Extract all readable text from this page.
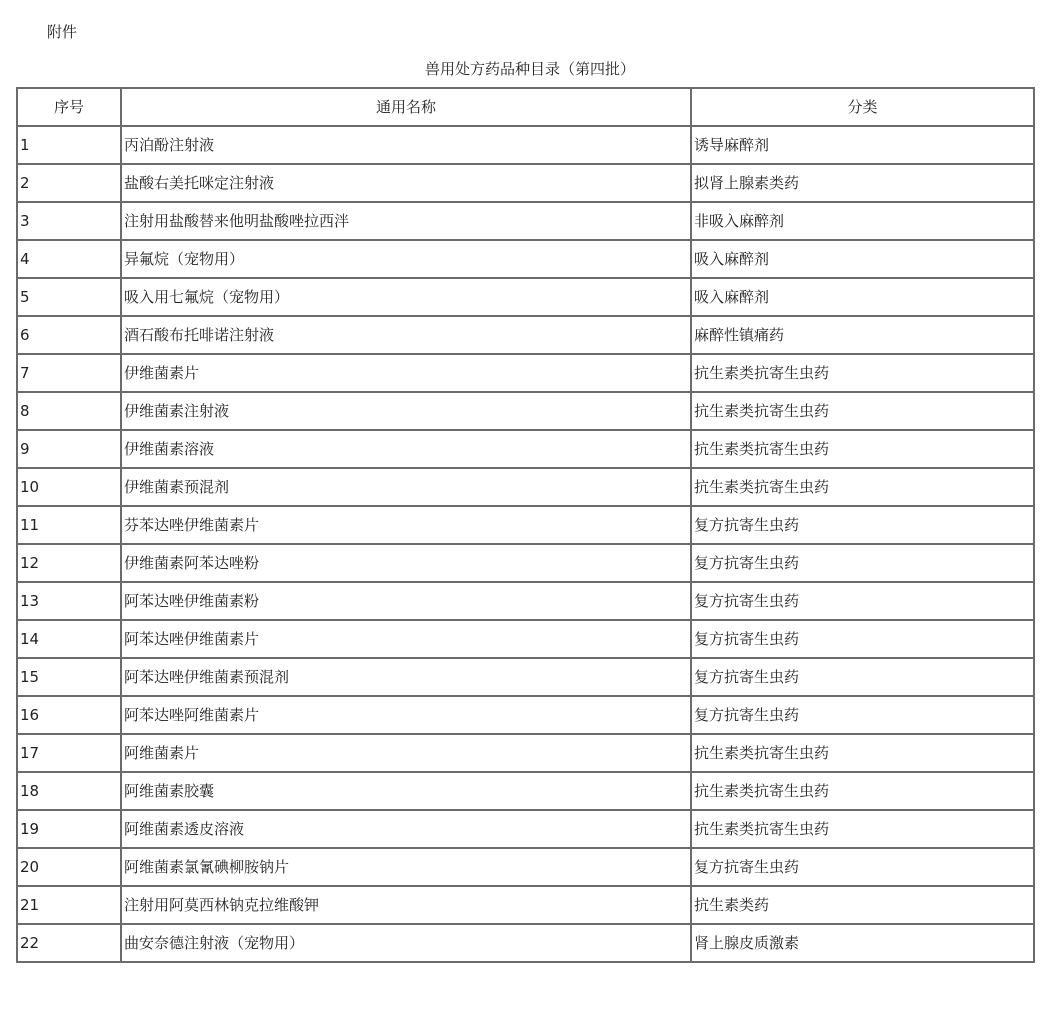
附件
兽用处方药品种目录（第四批）
序号	通用名称	分类
1	丙泊酚注射液	诱导麻醉剂
2	盐酸右美托咪定注射液	拟肾上腺素类药
3	注射用盐酸替来他明盐酸唑拉西泮	非吸入麻醉剂
4	异氟烷（宠物用）	吸入麻醉剂
5	吸入用七氟烷（宠物用）	吸入麻醉剂
6	酒石酸布托啡诺注射液	麻醉性镇痛药
7	伊维菌素片	抗生素类抗寄生虫药
8	伊维菌素注射液	抗生素类抗寄生虫药
9	伊维菌素溶液	抗生素类抗寄生虫药
10	伊维菌素预混剂	抗生素类抗寄生虫药
11	芬苯达唑伊维菌素片	复方抗寄生虫药
12	伊维菌素阿苯达唑粉	复方抗寄生虫药
13	阿苯达唑伊维菌素粉	复方抗寄生虫药
14	阿苯达唑伊维菌素片	复方抗寄生虫药
15	阿苯达唑伊维菌素预混剂	复方抗寄生虫药
16	阿苯达唑阿维菌素片	复方抗寄生虫药
17	阿维菌素片	抗生素类抗寄生虫药
18	阿维菌素胶囊	抗生素类抗寄生虫药
19	阿维菌素透皮溶液	抗生素类抗寄生虫药
20	阿维菌素氯氰碘柳胺钠片	复方抗寄生虫药
21	注射用阿莫西林钠克拉维酸钾	抗生素类药
22	曲安奈德注射液（宠物用）	肾上腺皮质激素
